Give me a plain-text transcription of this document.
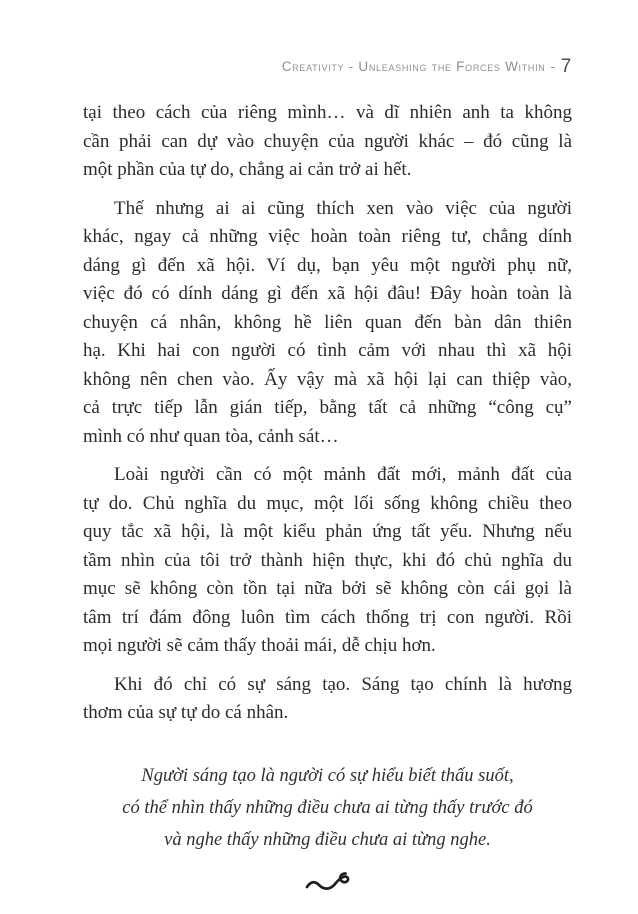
Creativity - Unleashing the Forces Within - 7

tại theo cách của riêng mình… và dĩ nhiên anh ta không
cần phải can dự vào chuyện của người khác – đó cũng là
một phần của tự do, chẳng ai cản trở ai hết.

Thế nhưng ai ai cũng thích xen vào việc của người
khác, ngay cả những việc hoàn toàn riêng tư, chẳng dính
dáng gì đến xã hội. Ví dụ, bạn yêu một người phụ nữ,
việc đó có dính dáng gì đến xã hội đâu! Đây hoàn toàn là
chuyện cá nhân, không hề liên quan đến bàn dân thiên
hạ. Khi hai con người có tình cảm với nhau thì xã hội
không nên chen vào. Ấy vậy mà xã hội lại can thiệp vào,
cả trực tiếp lẫn gián tiếp, bằng tất cả những “công cụ”
mình có như quan tòa, cảnh sát…

Loài người cần có một mảnh đất mới, mảnh đất của
tự do. Chủ nghĩa du mục, một lối sống không chiều theo
quy tắc xã hội, là một kiểu phản ứng tất yếu. Nhưng nếu
tầm nhìn của tôi trở thành hiện thực, khi đó chủ nghĩa du
mục sẽ không còn tồn tại nữa bởi sẽ không còn cái gọi là
tâm trí đám đông luôn tìm cách thống trị con người. Rồi
mọi người sẽ cảm thấy thoải mái, dễ chịu hơn.

Khi đó chỉ có sự sáng tạo. Sáng tạo chính là hương
thơm của sự tự do cá nhân.

Người sáng tạo là người có sự hiểu biết thấu suốt,
có thể nhìn thấy những điều chưa ai từng thấy trước đó
và nghe thấy những điều chưa ai từng nghe.
